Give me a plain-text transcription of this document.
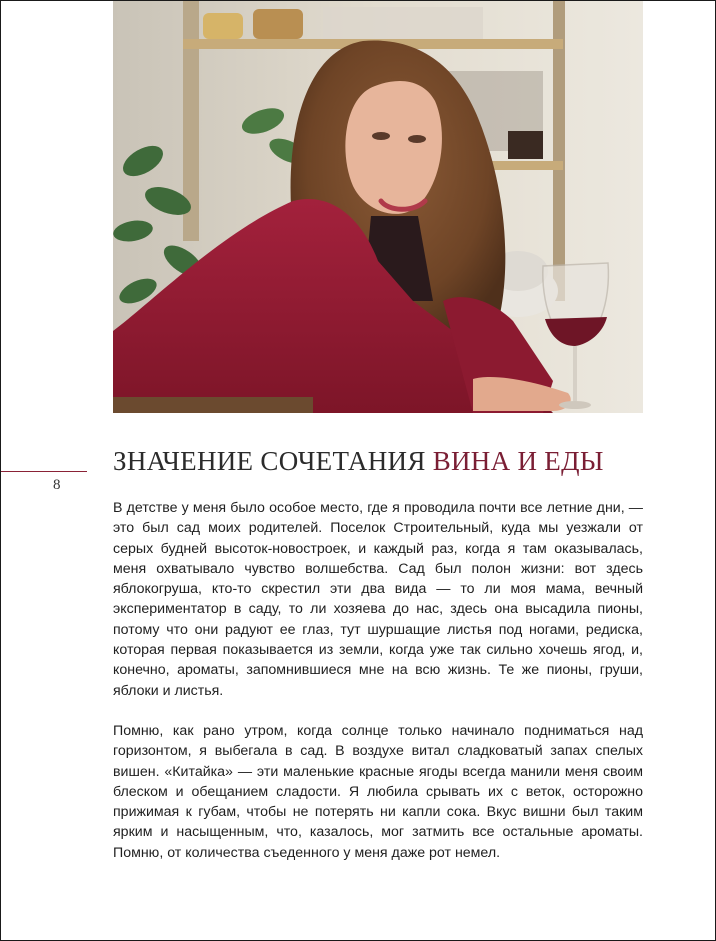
ЗНАЧЕНИЕ СОЧЕТАНИЯ ВИНА И ЕДЫ
8

В детстве у меня было особое место, где я проводила почти все летние дни, — это был сад моих родителей. Поселок Строительный, куда мы уезжали от серых будней высоток-новостроек, и каждый раз, когда я там оказывалась, меня охватывало чувство волшебства. Сад был полон жизни: вот здесь яблокогруша, кто-то скрестил эти два вида — то ли моя мама, вечный экспериментатор в саду, то ли хозяева до нас, здесь она высадила пионы, потому что они радуют ее глаз, тут шуршащие листья под ногами, редиска, которая первая показывается из земли, когда уже так сильно хочешь ягод, и, конечно, ароматы, запомнившиеся мне на всю жизнь. Те же пионы, груши, яблоки и листья.

Помню, как рано утром, когда солнце только начинало подниматься над горизонтом, я выбегала в сад. В воздухе витал сладковатый запах спелых вишен. «Китайка» — эти маленькие красные ягоды всегда манили меня своим блеском и обещанием сладости. Я любила срывать их с веток, осторожно прижимая к губам, чтобы не потерять ни капли сока. Вкус вишни был таким ярким и насыщенным, что, казалось, мог затмить все остальные ароматы. Помню, от количества съеденного у меня даже рот немел.
